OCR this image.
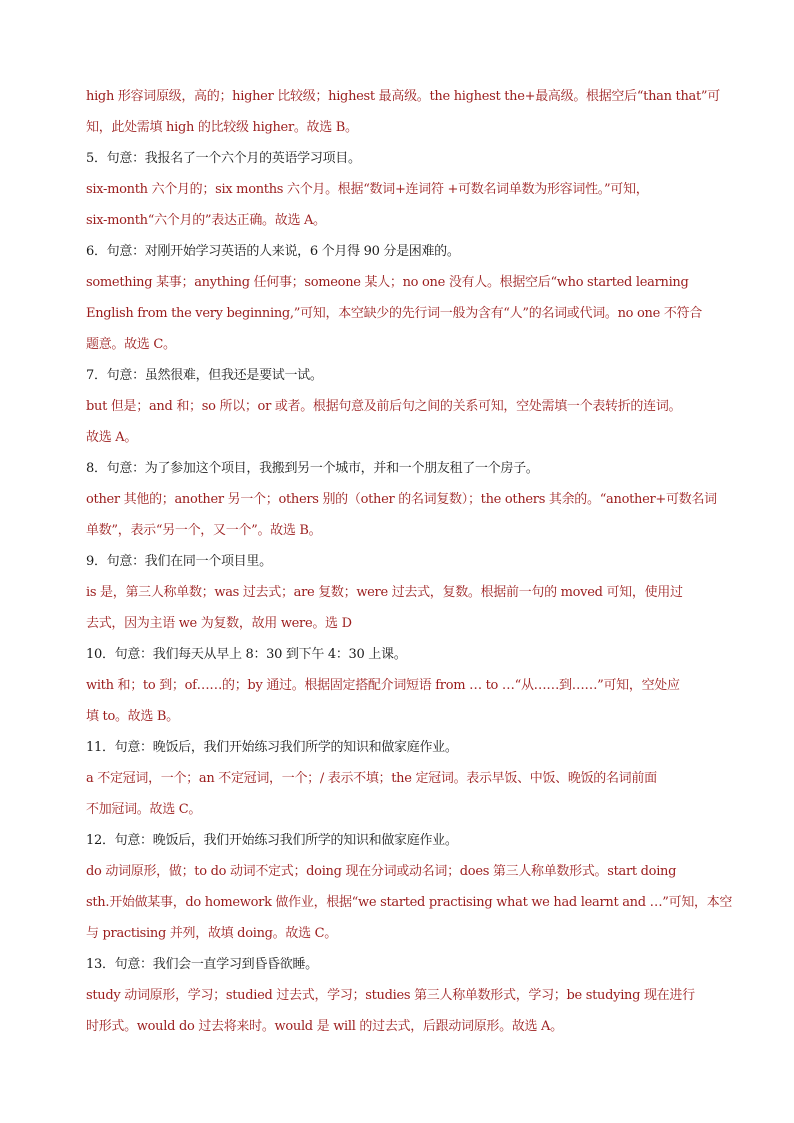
high 形容词原级，高的；higher 比较级；highest 最高级。the highest the+最高级。根据空后“than that”可
知，此处需填 high 的比较级 higher。故选 B。
5．句意：我报名了一个六个月的英语学习项目。
six-month 六个月的；six months 六个月。根据“数词+连词符 +可数名词单数为形容词性。”可知，
six-month“六个月的”表达正确。故选 A。
6．句意：对刚开始学习英语的人来说，6 个月得 90 分是困难的。
something 某事；anything 任何事；someone 某人；no one 没有人。根据空后“who started learning
English from the very beginning,”可知，本空缺少的先行词一般为含有“人”的名词或代词。no one 不符合
题意。故选 C。
7．句意：虽然很难，但我还是要试一试。
but 但是；and 和；so 所以；or 或者。根据句意及前后句之间的关系可知，空处需填一个表转折的连词。
故选 A。
8．句意：为了参加这个项目，我搬到另一个城市，并和一个朋友租了一个房子。
other 其他的；another 另一个；others 别的（other 的名词复数）；the others 其余的。“another+可数名词
单数”，表示“另一个，又一个”。故选 B。
9．句意：我们在同一个项目里。
is 是，第三人称单数；was 过去式；are 复数；were 过去式，复数。根据前一句的 moved 可知，使用过
去式，因为主语 we 为复数，故用 were。选 D
10．句意：我们每天从早上 8：30 到下午 4：30 上课。
with 和；to 到；of……的；by 通过。根据固定搭配介词短语 from … to …“从……到……”可知，空处应
填 to。故选 B。
11．句意：晚饭后，我们开始练习我们所学的知识和做家庭作业。
a 不定冠词，一个；an 不定冠词，一个；/ 表示不填；the 定冠词。表示早饭、中饭、晚饭的名词前面
不加冠词。故选 C。
12．句意：晚饭后，我们开始练习我们所学的知识和做家庭作业。
do 动词原形，做；to do 动词不定式；doing 现在分词或动名词；does 第三人称单数形式。start doing
sth.开始做某事，do homework 做作业，根据“we started practising what we had learnt and …”可知，本空
与 practising 并列，故填 doing。故选 C。
13．句意：我们会一直学习到昏昏欲睡。
study 动词原形，学习；studied 过去式，学习；studies 第三人称单数形式，学习；be studying 现在进行
时形式。would do 过去将来时。would 是 will 的过去式，后跟动词原形。故选 A。
